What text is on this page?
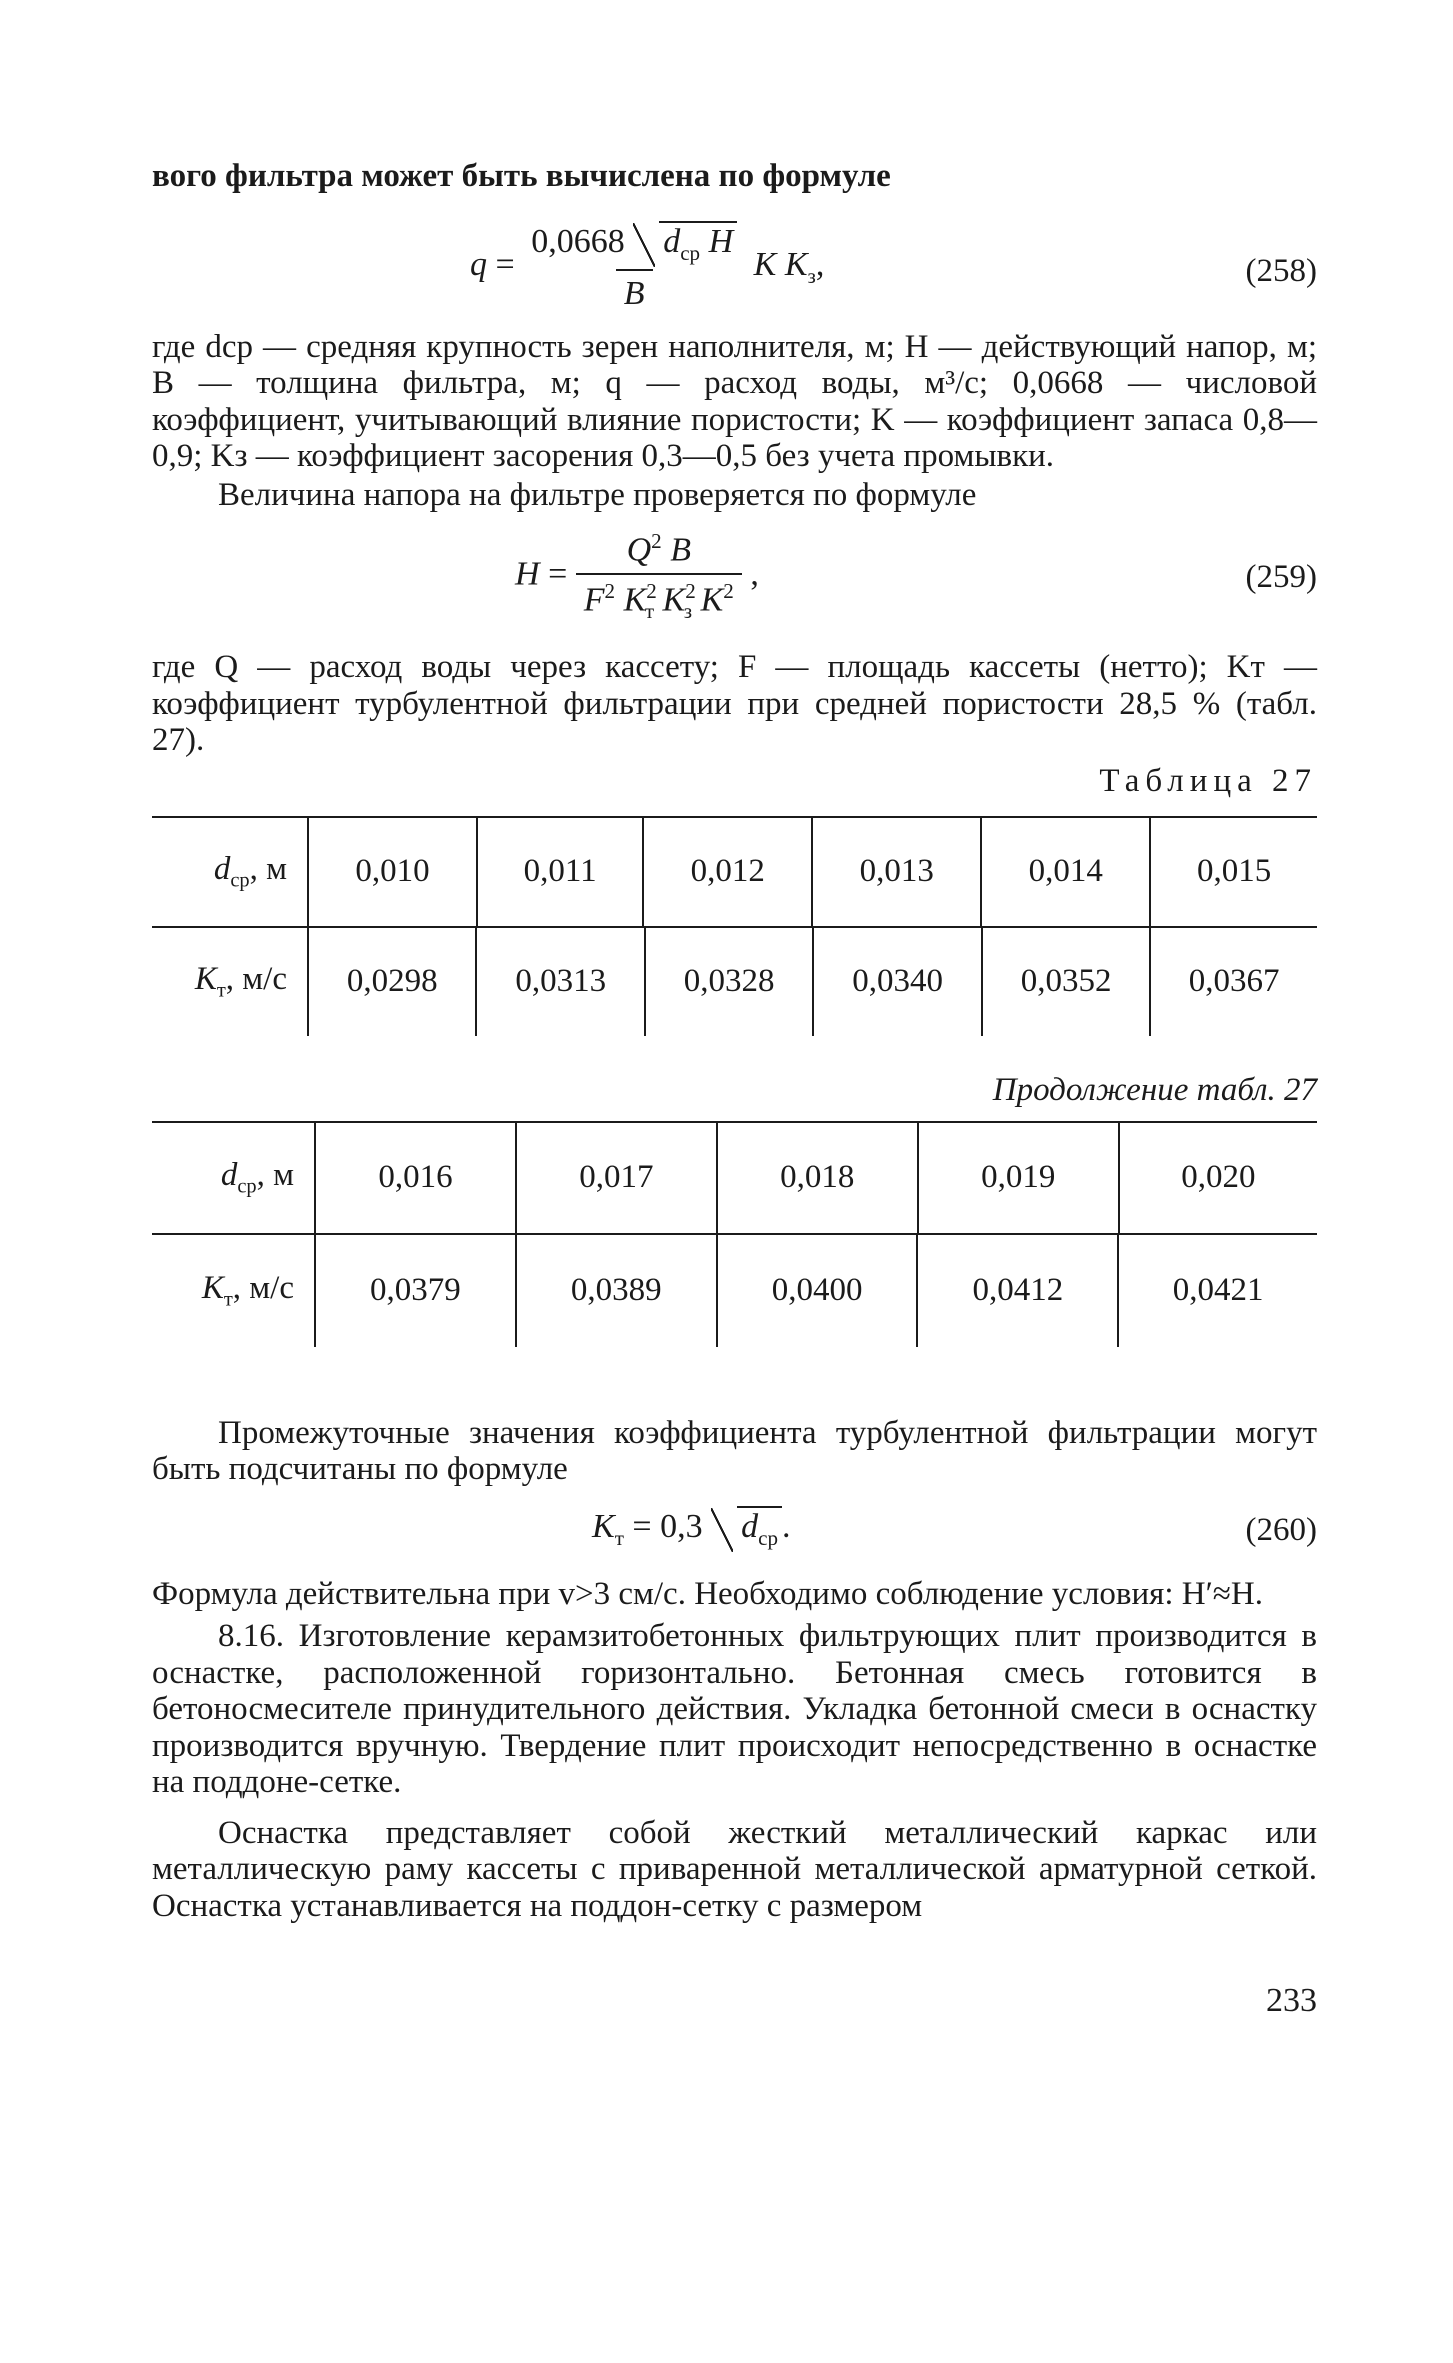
вого фильтра может быть вычислена по формуле

$q = \frac{0,0668 d_{ср} H}{B}$ K $K_з$,	(258)

где dср — средняя крупность зерен наполнителя, м; H — действующий напор, м; B — толщина фильтра, м; q — расход воды, м³/с; 0,0668 — числовой коэффициент, учитывающий влияние пористости; K — коэффициент запаса 0,8—0,9; Kз — коэффициент засорения 0,3—0,5 без учета промывки.

Величина напора на фильтре проверяется по формуле

$H = \frac{Q^2 B}{F^2 K^2_т K^2_з K^2}$ ,	(259)

где Q — расход воды через кассету; F — площадь кассеты (нетто); Kт — коэффициент турбулентной фильтрации при средней пористости 28,5 % (табл. 27).

Таблица 27
$d_{ср}$, м	0,010	0,011	0,012	0,013	0,014	0,015
$K_т$, м/с	0,0298	0,0313	0,0328	0,0340	0,0352	0,0367
Продолжение табл. 27
$d_{ср}$, м	0,016	0,017	0,018	0,019	0,020
$K_т$, м/с	0,0379	0,0389	0,0400	0,0412	0,0421

Промежуточные значения коэффициента турбулентной фильтрации могут быть подсчитаны по формуле

$K_т = 0,3$ $d_{ср}$ .	(260)

Формула действительна при v>3 см/с. Необходимо соблюдение условия: H′≈H.

8.16. Изготовление керамзитобетонных фильтрующих плит производится в оснастке, расположенной горизонтально. Бетонная смесь готовится в бетоносмесителе принудительного действия. Укладка бетонной смеси в оснастку производится вручную. Твердение плит происходит непосредственно в оснастке на поддоне-сетке.

Оснастка представляет собой жесткий металлический каркас или металлическую раму кассеты с приваренной металлической арматурной сеткой. Оснастка устанавливается на поддон-сетку с размером

233
